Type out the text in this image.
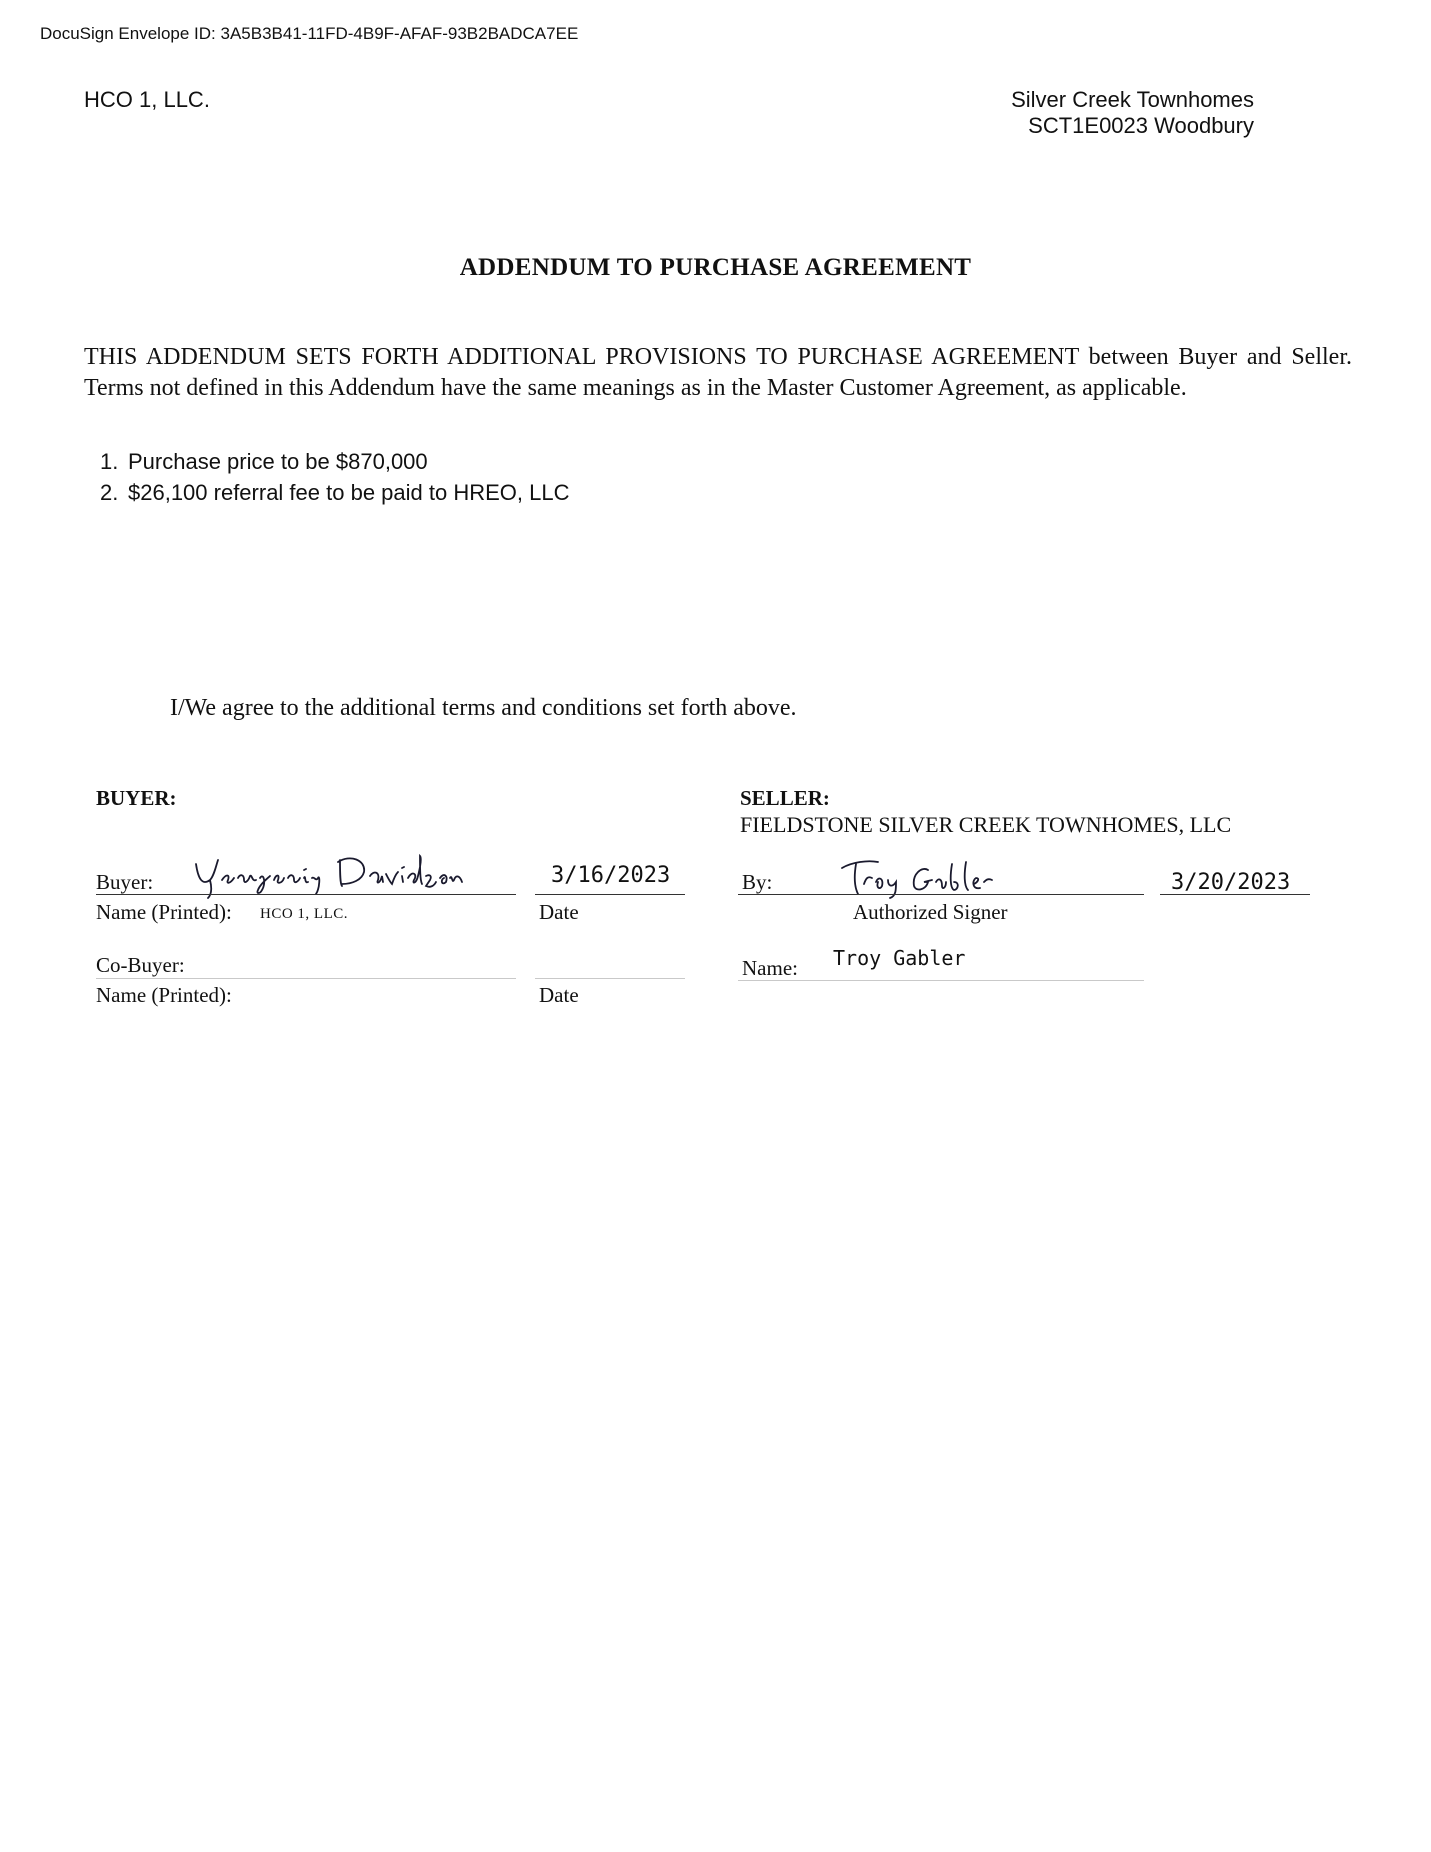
DocuSign Envelope ID: 3A5B3B41-11FD-4B9F-AFAF-93B2BADCA7EE

HCO 1, LLC.	Silver Creek Townhomes

SCT1E0023 Woodbury

ADDENDUM TO PURCHASE AGREEMENT

THIS ADDENDUM SETS FORTH ADDITIONAL PROVISIONS TO PURCHASE AGREEMENT between Buyer and Seller. Terms not defined in this Addendum have the same meanings as in the Master Customer Agreement, as applicable.

1. Purchase price to be $870,000
2. $26,100 referral fee to be paid to HREO, LLC

I/We agree to the additional terms and conditions set forth above.

BUYER:

Buyer:	3/16/2023

Name (Printed): HCO 1, LLC.	Date

Co-Buyer:

Name (Printed):	Date

SELLER:

FIELDSTONE SILVER CREEK TOWNHOMES, LLC

By:	3/20/2023

Authorized Signer

Name: Troy Gabler
